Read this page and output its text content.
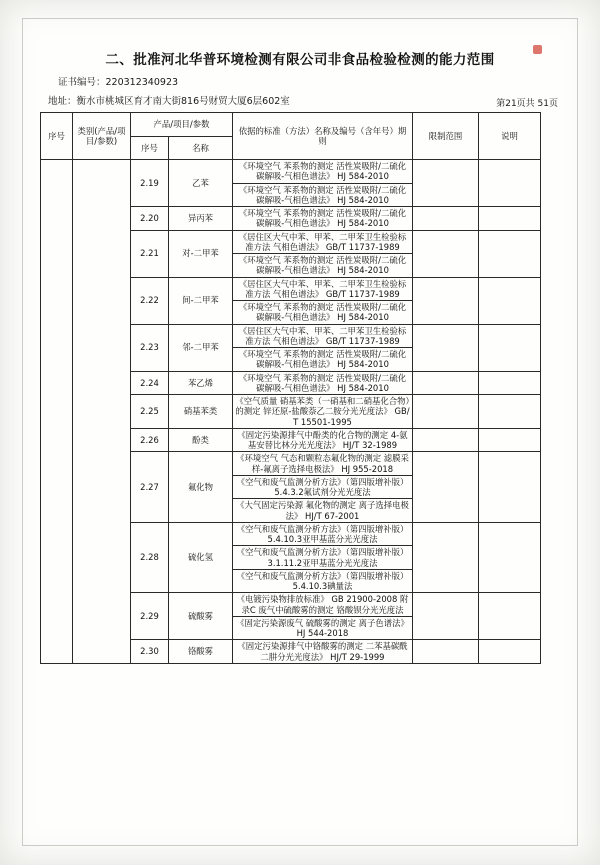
二、批准河北华普环境检测有限公司非食品检验检测的能力范围
证书编号：220312340923
地址：衡水市桃城区育才南大街816号财贸大厦6层602室	第21页共 51页
序号	类别(产品/项目/参数)	产品/项目/参数		依据的标准（方法）名称及编号（含年号）期则	限制范围	说明
		序号	名称			
		2.19	乙苯	《环境空气 苯系物的测定 活性炭吸附/二硫化碳解吸-气相色谱法》 HJ 584-2010		
				《环境空气 苯系物的测定 活性炭吸附/二硫化碳解吸-气相色谱法》 HJ 584-2010		
		2.20	异丙苯	《环境空气 苯系物的测定 活性炭吸附/二硫化碳解吸-气相色谱法》 HJ 584-2010		
		2.21	对-二甲苯	《居住区大气中苯、甲苯、二甲苯卫生检验标准方法 气相色谱法》 GB/T 11737-1989		
				《环境空气 苯系物的测定 活性炭吸附/二硫化碳解吸-气相色谱法》 HJ 584-2010		
		2.22	间-二甲苯	《居住区大气中苯、甲苯、二甲苯卫生检验标准方法 气相色谱法》 GB/T 11737-1989		
				《环境空气 苯系物的测定 活性炭吸附/二硫化碳解吸-气相色谱法》 HJ 584-2010		
		2.23	邻-二甲苯	《居住区大气中苯、甲苯、二甲苯卫生检验标准方法 气相色谱法》 GB/T 11737-1989		
				《环境空气 苯系物的测定 活性炭吸附/二硫化碳解吸-气相色谱法》 HJ 584-2010		
		2.24	苯乙烯	《环境空气 苯系物的测定 活性炭吸附/二硫化碳解吸-气相色谱法》 HJ 584-2010		
		2.25	硝基苯类	《空气质量 硝基苯类（一硝基和二硝基化合物）的测定 锌还原-盐酸萘乙二胺分光光度法》 GB/T 15501-1995		
		2.26	酚类	《固定污染源排气中酚类的化合物的测定 4-氨基安替比林分光光度法》 HJ/T 32-1989		
		2.27	氟化物	《环境空气 气态和颗粒态氟化物的测定 滤膜采样-氟离子选择电极法》 HJ 955-2018		
				《空气和废气监测分析方法》（第四版增补版）5.4.3.2氟试剂分光光度法		
				《大气固定污染源 氟化物的测定 离子选择电极法》 HJ/T 67-2001		
		2.28	硫化氢	《空气和废气监测分析方法》（第四版增补版）5.4.10.3亚甲基蓝分光光度法		
				《空气和废气监测分析方法》（第四版增补版）3.1.11.2亚甲基蓝分光光度法		
				《空气和废气监测分析方法》（第四版增补版）5.4.10.3碘量法		
		2.29	硫酸雾	《电镀污染物排放标准》 GB 21900-2008 附录C 废气中硫酸雾的测定 铬酸钡分光光度法		
				《固定污染源废气 硫酸雾的测定 离子色谱法》 HJ 544-2018		
		2.30	铬酸雾	《固定污染源排气中铬酸雾的测定 二苯基碳酰二肼分光光度法》 HJ/T 29-1999		
